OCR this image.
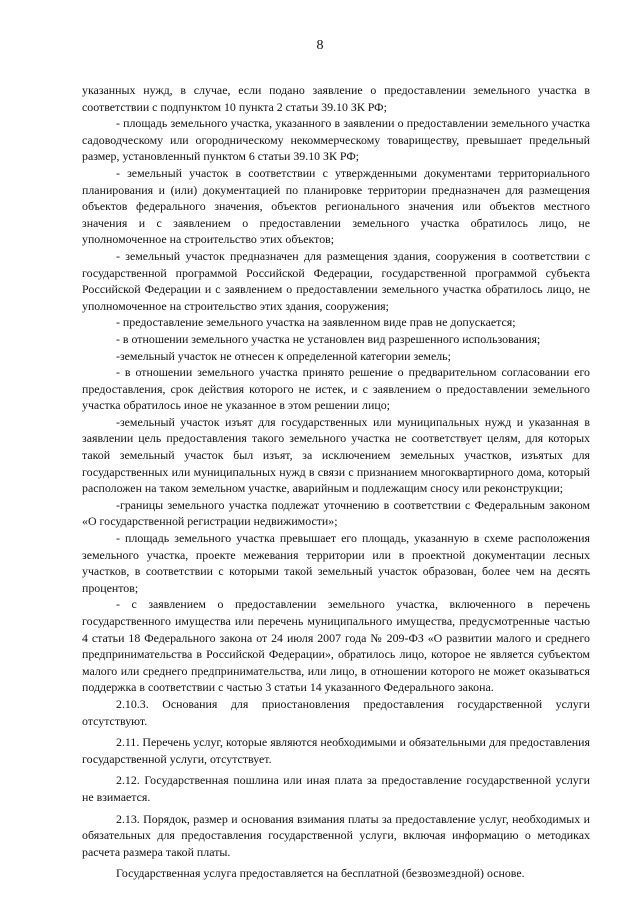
8

указанных нужд, в случае, если подано заявление о предоставлении земельного участка в соответствии с подпунктом 10 пункта 2 статьи 39.10 ЗК РФ;

- площадь земельного участка, указанного в заявлении о предоставлении земельного участка садоводческому или огородническому некоммерческому товариществу, превышает предельный размер, установленный пунктом 6 статьи 39.10 ЗК РФ;

- земельный участок в соответствии с утвержденными документами территориального планирования и (или) документацией по планировке территории предназначен для размещения объектов федерального значения, объектов регионального значения или объектов местного значения и с заявлением о предоставлении земельного участка обратилось лицо, не уполномоченное на строительство этих объектов;

- земельный участок предназначен для размещения здания, сооружения в соответствии с государственной программой Российской Федерации, государственной программой субъекта Российской Федерации и с заявлением о предоставлении земельного участка обратилось лицо, не уполномоченное на строительство этих здания, сооружения;

- предоставление земельного участка на заявленном виде прав не допускается;

- в отношении земельного участка не установлен вид разрешенного использования;

-земельный участок не отнесен к определенной категории земель;

- в отношении земельного участка принято решение о предварительном согласовании его предоставления, срок действия которого не истек, и с заявлением о предоставлении земельного участка обратилось иное не указанное в этом решении лицо;

-земельный участок изъят для государственных или муниципальных нужд и указанная в заявлении цель предоставления такого земельного участка не соответствует целям, для которых такой земельный участок был изъят, за исключением земельных участков, изъятых для государственных или муниципальных нужд в связи с признанием многоквартирного дома, который расположен на таком земельном участке, аварийным и подлежащим сносу или реконструкции;

-границы земельного участка подлежат уточнению в соответствии с Федеральным законом «О государственной регистрации недвижимости»;

- площадь земельного участка превышает его площадь, указанную в схеме расположения земельного участка, проекте межевания территории или в проектной документации лесных участков, в соответствии с которыми такой земельный участок образован, более чем на десять процентов;

- с заявлением о предоставлении земельного участка, включенного в перечень государственного имущества или перечень муниципального имущества, предусмотренные частью 4 статьи 18 Федерального закона от 24 июля 2007 года № 209-ФЗ «О развитии малого и среднего предпринимательства в Российской Федерации», обратилось лицо, которое не является субъектом малого или среднего предпринимательства, или лицо, в отношении которого не может оказываться поддержка в соответствии с частью 3 статьи 14 указанного Федерального закона.

2.10.3. Основания для приостановления предоставления государственной услуги отсутствуют.

2.11. Перечень услуг, которые являются необходимыми и обязательными для предоставления государственной услуги, отсутствует.

2.12. Государственная пошлина или иная плата за предоставление государственной услуги не взимается.

2.13. Порядок, размер и основания взимания платы за предоставление услуг, необходимых и обязательных для предоставления государственной услуги, включая информацию о методиках расчета размера такой платы.

Государственная услуга предоставляется на бесплатной (безвозмездной) основе.
